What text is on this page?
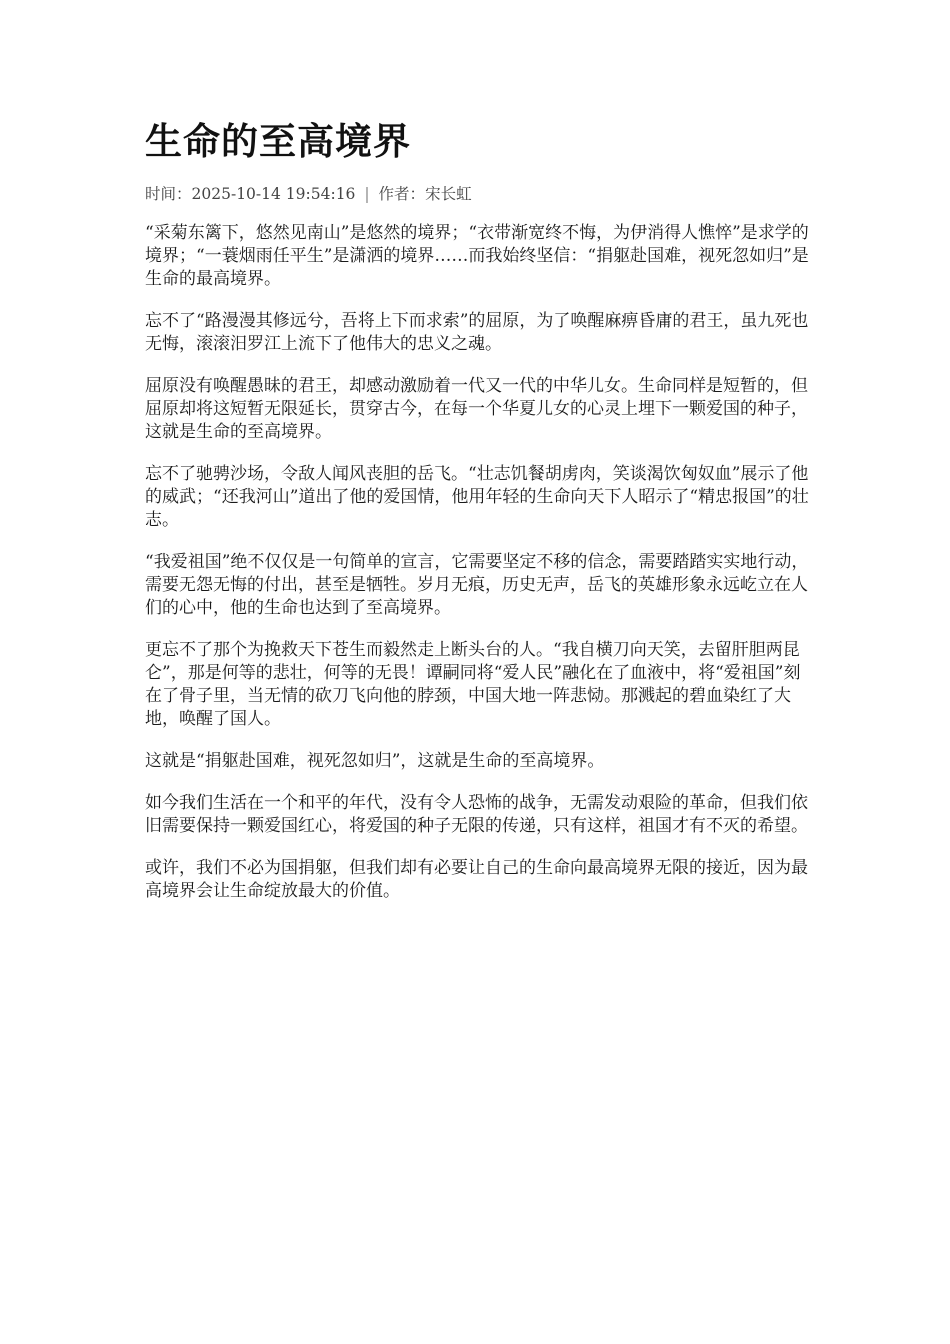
生命的至高境界
时间：2025-10-14 19:54:16 | 作者：宋长虹

“采菊东篱下，悠然见南山”是悠然的境界；“衣带渐宽终不悔，为伊消得人憔悴”是求学的境界；“一蓑烟雨任平生”是潇洒的境界……而我始终坚信：“捐躯赴国难，视死忽如归”是生命的最高境界。

忘不了“路漫漫其修远兮，吾将上下而求索”的屈原，为了唤醒麻痹昏庸的君王，虽九死也无悔，滚滚汨罗江上流下了他伟大的忠义之魂。

屈原没有唤醒愚昧的君王，却感动激励着一代又一代的中华儿女。生命同样是短暂的，但屈原却将这短暂无限延长，贯穿古今，在每一个华夏儿女的心灵上埋下一颗爱国的种子，这就是生命的至高境界。

忘不了驰骋沙场，令敌人闻风丧胆的岳飞。“壮志饥餐胡虏肉，笑谈渴饮匈奴血”展示了他的威武；“还我河山”道出了他的爱国情，他用年轻的生命向天下人昭示了“精忠报国”的壮志。

“我爱祖国”绝不仅仅是一句简单的宣言，它需要坚定不移的信念，需要踏踏实实地行动，需要无怨无悔的付出，甚至是牺牲。岁月无痕，历史无声，岳飞的英雄形象永远屹立在人们的心中，他的生命也达到了至高境界。

更忘不了那个为挽救天下苍生而毅然走上断头台的人。“我自横刀向天笑，去留肝胆两昆仑”，那是何等的悲壮，何等的无畏！谭嗣同将“爱人民”融化在了血液中，将“爱祖国”刻在了骨子里，当无情的砍刀飞向他的脖颈，中国大地一阵悲恸。那溅起的碧血染红了大地，唤醒了国人。

这就是“捐躯赴国难，视死忽如归”，这就是生命的至高境界。

如今我们生活在一个和平的年代，没有令人恐怖的战争，无需发动艰险的革命，但我们依旧需要保持一颗爱国红心，将爱国的种子无限的传递，只有这样，祖国才有不灭的希望。

或许，我们不必为国捐躯，但我们却有必要让自己的生命向最高境界无限的接近，因为最高境界会让生命绽放最大的价值。
